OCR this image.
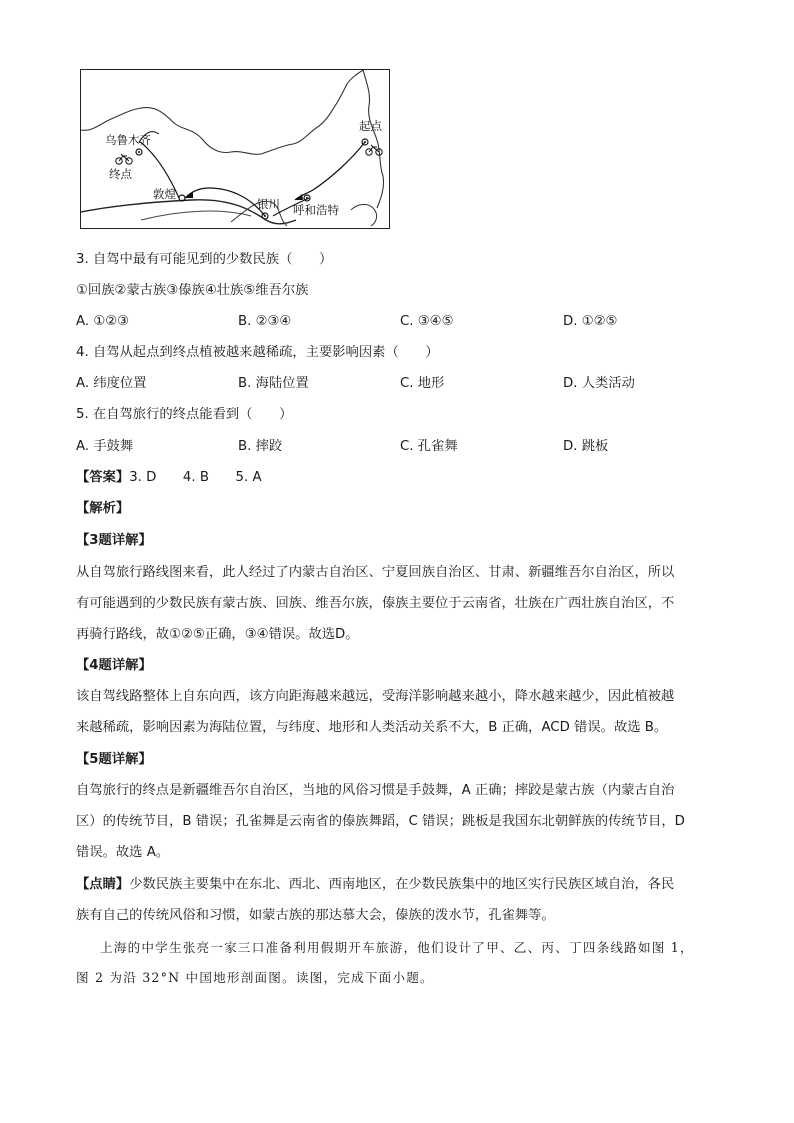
乌鲁木齐
终点
敦煌
银川 呼和浩特
起点
3. 自驾中最有可能见到的少数民族（　　）
①回族②蒙古族③傣族④壮族⑤维吾尔族
A. ①②③	B. ②③④	C. ③④⑤	D. ①②⑤
4. 自驾从起点到终点植被越来越稀疏，主要影响因素（　　）
A. 纬度位置	B. 海陆位置	C. 地形	D. 人类活动
5. 在自驾旅行的终点能看到（　　）
A. 手鼓舞	B. 摔跤	C. 孔雀舞	D. 跳板
【答案】3. D　　4. B　　5. A
【解析】
【3题详解】
从自驾旅行路线图来看，此人经过了内蒙古自治区、宁夏回族自治区、甘肃、新疆维吾尔自治区，所以
有可能遇到的少数民族有蒙古族、回族、维吾尔族，傣族主要位于云南省，壮族在广西壮族自治区，不
再骑行路线，故①②⑤正确，③④错误。故选D。
【4题详解】
该自驾线路整体上自东向西，该方向距海越来越远，受海洋影响越来越小，降水越来越少，因此植被越
来越稀疏，影响因素为海陆位置，与纬度、地形和人类活动关系不大，B 正确，ACD 错误。故选 B。
【5题详解】
自驾旅行的终点是新疆维吾尔自治区，当地的风俗习惯是手鼓舞，A 正确；摔跤是蒙古族（内蒙古自治
区）的传统节目，B 错误；孔雀舞是云南省的傣族舞蹈，C 错误；跳板是我国东北朝鲜族的传统节目，D
错误。故选 A。
【点睛】少数民族主要集中在东北、西北、西南地区，在少数民族集中的地区实行民族区域自治，各民
族有自己的传统风俗和习惯，如蒙古族的那达慕大会，傣族的泼水节，孔雀舞等。
上海的中学生张亮一家三口准备利用假期开车旅游，他们设计了甲、乙、丙、丁四条线路如图 1，
图 2 为沿 32°N 中国地形剖面图。读图，完成下面小题。
